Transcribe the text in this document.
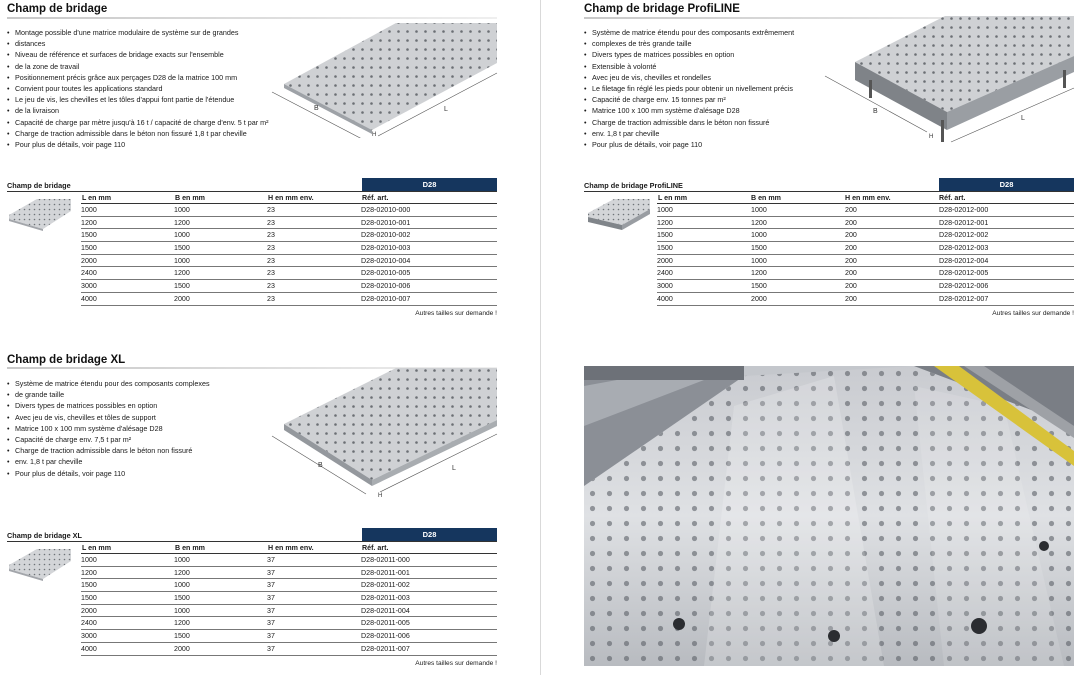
Champ de bridage
• Montage possible d'une matrice modulaire de système sur de grandes
• distances
• Niveau de référence et surfaces de bridage exacts sur l'ensemble
• de la zone de travail
• Positionnement précis grâce aux perçages D28 de la matrice 100 mm
• Convient pour toutes les applications standard
• Le jeu de vis, les chevilles et les tôles d'appui font partie de l'étendue
• de la livraison
• Capacité de charge par mètre jusqu'à 16 t / capacité de charge d'env. 5 t par m²
• Charge de traction admissible dans le béton non fissuré 1,8 t par cheville
• Pour plus de détails, voir page 110
B	L
H
Champ de bridage	D28
L en mm	B en mm	H en mm env.	Réf. art.
1000	1000	23	D28-02010-000
1200	1200	23	D28-02010-001
1500	1000	23	D28-02010-002
1500	1500	23	D28-02010-003
2000	1000	23	D28-02010-004
2400	1200	23	D28-02010-005
3000	1500	23	D28-02010-006
4000	2000	23	D28-02010-007
Autres tailles sur demande !
Champ de bridage XL
• Système de matrice étendu pour des composants complexes
• de grande taille
• Divers types de matrices possibles en option
• Avec jeu de vis, chevilles et tôles de support
• Matrice 100 x 100 mm système d'alésage D28
• Capacité de charge env. 7,5 t par m²
• Charge de traction admissible dans le béton non fissuré
• env. 1,8 t par cheville
• Pour plus de détails, voir page 110
B	L
H
Champ de bridage XL	D28
L en mm	B en mm	H en mm env.	Réf. art.
1000	1000	37	D28-02011-000
1200	1200	37	D28-02011-001
1500	1000	37	D28-02011-002
1500	1500	37	D28-02011-003
2000	1000	37	D28-02011-004
2400	1200	37	D28-02011-005
3000	1500	37	D28-02011-006
4000	2000	37	D28-02011-007
Autres tailles sur demande !
Champ de bridage ProfiLINE
• Système de matrice étendu pour des composants extrêmement
• complexes de très grande taille
• Divers types de matrices possibles en option
• Extensible à volonté
• Avec jeu de vis, chevilles et rondelles
• Le filetage fin réglé les pieds pour obtenir un nivellement précis
• Capacité de charge env. 15 tonnes par m²
• Matrice 100 x 100 mm système d'alésage D28
• Charge de traction admissible dans le béton non fissuré
• env. 1,8 t par cheville
• Pour plus de détails, voir page 110
B
L
H
Champ de bridage ProfiLINE	D28
L en mm	B en mm	H en mm env.	Réf. art.
1000	1000	200	D28-02012-000
1200	1200	200	D28-02012-001
1500	1000	200	D28-02012-002
1500	1500	200	D28-02012-003
2000	1000	200	D28-02012-004
2400	1200	200	D28-02012-005
3000	1500	200	D28-02012-006
4000	2000	200	D28-02012-007
Autres tailles sur demande !
